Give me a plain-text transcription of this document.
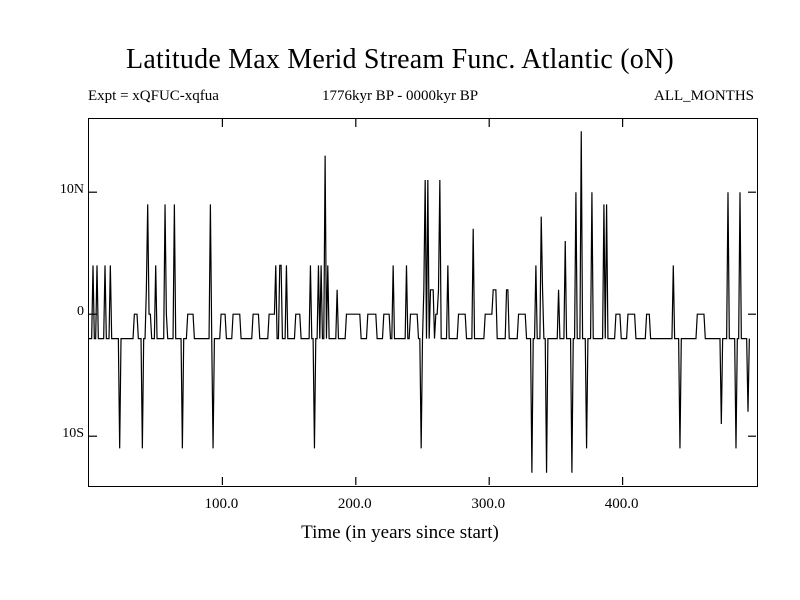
Latitude Max Merid Stream Func. Atlantic (oN)
Expt = xQFUC-xqfua	1776kyr BP - 0000kyr BP	ALL_MONTHS
10N
0
10S
100.0	200.0	300.0	400.0
Time (in years since start)
